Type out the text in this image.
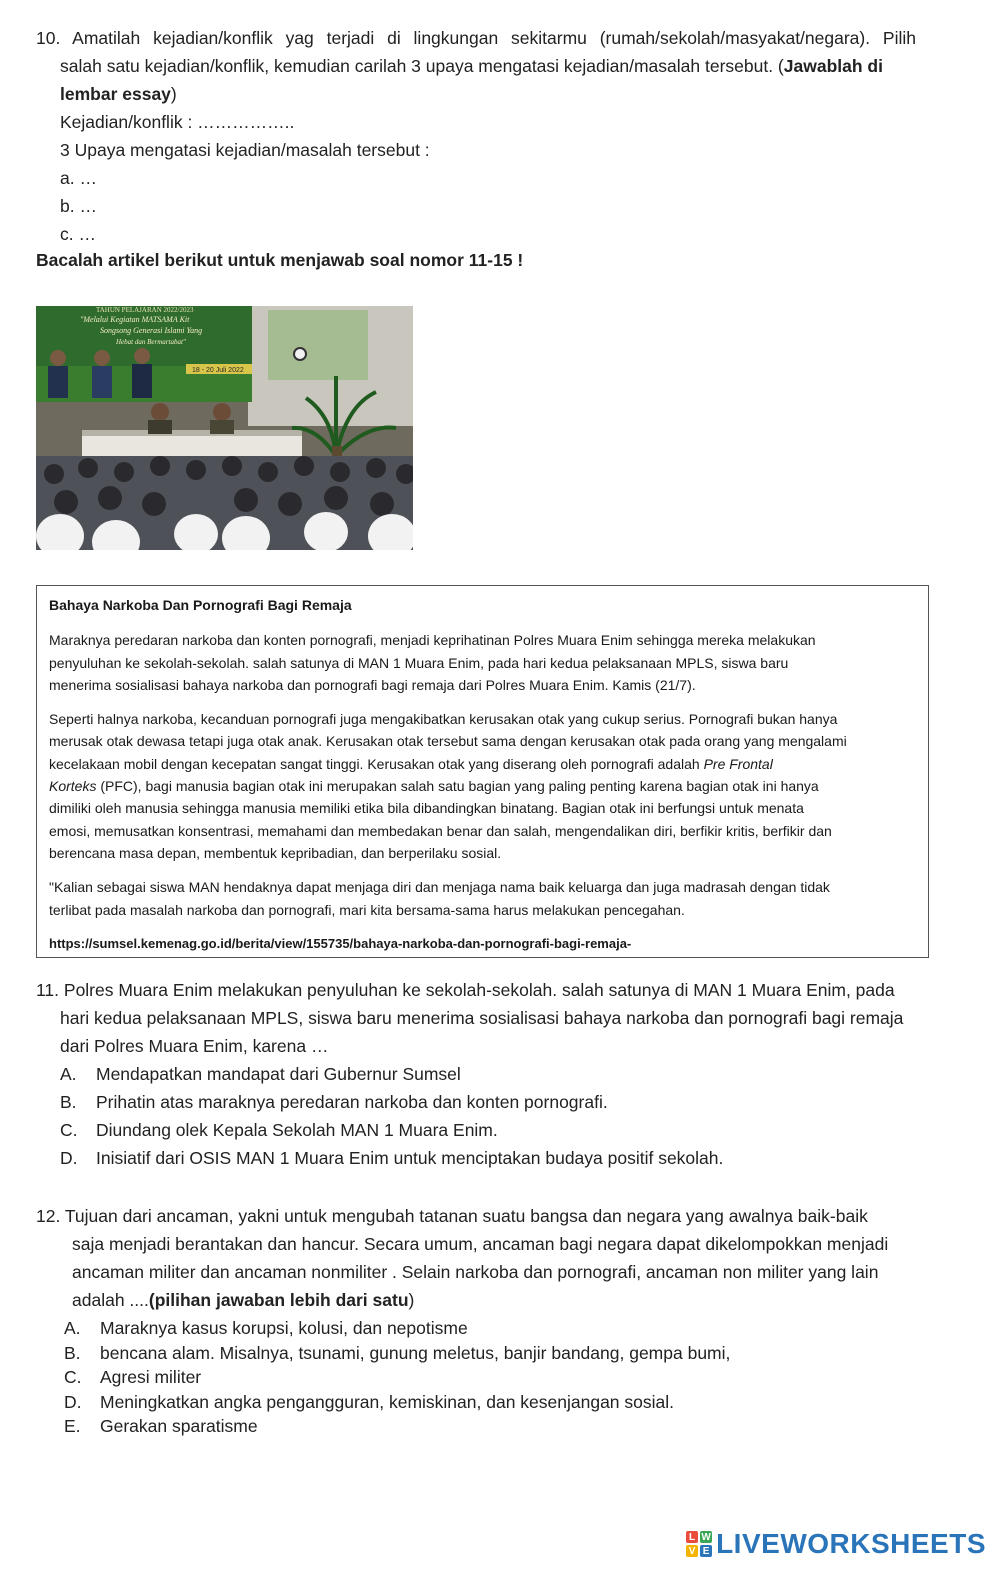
10. Amatilah kejadian/konflik yag terjadi di lingkungan sekitarmu (rumah/sekolah/masyakat/negara). Pilih
salah satu kejadian/konflik, kemudian carilah 3 upaya mengatasi kejadian/masalah tersebut. (Jawablah di
lembar essay)
Kejadian/konflik : ……………..
3 Upaya mengatasi kejadian/masalah tersebut :
a. …
b. …
c. …
Bacalah artikel berikut untuk menjawab soal nomor 11-15 !
TAHUN PELAJARAN 2022/2023
"Melalui Kegiatan MATSAMA Kit
Songsong Generasi Islami Yang
Hebat dan Bermartabat"
18 - 20 Juli 2022

Bahaya Narkoba Dan Pornografi Bagi Remaja

Maraknya peredaran narkoba dan konten pornografi, menjadi keprihatinan Polres Muara Enim sehingga mereka melakukan
penyuluhan ke sekolah-sekolah. salah satunya di MAN 1 Muara Enim, pada hari kedua pelaksanaan MPLS, siswa baru
menerima sosialisasi bahaya narkoba dan pornografi bagi remaja dari Polres Muara Enim. Kamis (21/7).

Seperti halnya narkoba, kecanduan pornografi juga mengakibatkan kerusakan otak yang cukup serius. Pornografi bukan hanya
merusak otak dewasa tetapi juga otak anak. Kerusakan otak tersebut sama dengan kerusakan otak pada orang yang mengalami
kecelakaan mobil dengan kecepatan sangat tinggi. Kerusakan otak yang diserang oleh pornografi adalah Pre Frontal
Korteks (PFC), bagi manusia bagian otak ini merupakan salah satu bagian yang paling penting karena bagian otak ini hanya
dimiliki oleh manusia sehingga manusia memiliki etika bila dibandingkan binatang. Bagian otak ini berfungsi untuk menata
emosi, memusatkan konsentrasi, memahami dan membedakan benar dan salah, mengendalikan diri, berfikir kritis, berfikir dan
berencana masa depan, membentuk kepribadian, dan berperilaku sosial.

"Kalian sebagai siswa MAN hendaknya dapat menjaga diri dan menjaga nama baik keluarga dan juga madrasah dengan tidak
terlibat pada masalah narkoba dan pornografi, mari kita bersama-sama harus melakukan pencegahan.

https://sumsel.kemenag.go.id/berita/view/155735/bahaya-narkoba-dan-pornografi-bagi-remaja-

11. Polres Muara Enim melakukan penyuluhan ke sekolah-sekolah. salah satunya di MAN 1 Muara Enim, pada
hari kedua pelaksanaan MPLS, siswa baru menerima sosialisasi bahaya narkoba dan pornografi bagi remaja
dari Polres Muara Enim, karena …
A.	Mendapatkan mandapat dari Gubernur Sumsel
B.	Prihatin atas maraknya peredaran narkoba dan konten pornografi.
C.	Diundang olek Kepala Sekolah MAN 1 Muara Enim.
D.	Inisiatif dari OSIS MAN 1 Muara Enim untuk menciptakan budaya positif sekolah.
12. Tujuan dari ancaman, yakni untuk mengubah tatanan suatu bangsa dan negara yang awalnya baik-baik
saja menjadi berantakan dan hancur. Secara umum, ancaman bagi negara dapat dikelompokkan menjadi
ancaman militer dan ancaman nonmiliter . Selain narkoba dan pornografi, ancaman non militer yang lain
adalah ....(pilihan jawaban lebih dari satu)
A.	Maraknya kasus korupsi, kolusi, dan nepotisme
B.	bencana alam. Misalnya, tsunami, gunung meletus, banjir bandang, gempa bumi,
C.	Agresi militer
D.	Meningkatkan angka pengangguran, kemiskinan, dan kesenjangan sosial.
E.	Gerakan sparatisme
L W
V E LIVEWORKSHEETS
